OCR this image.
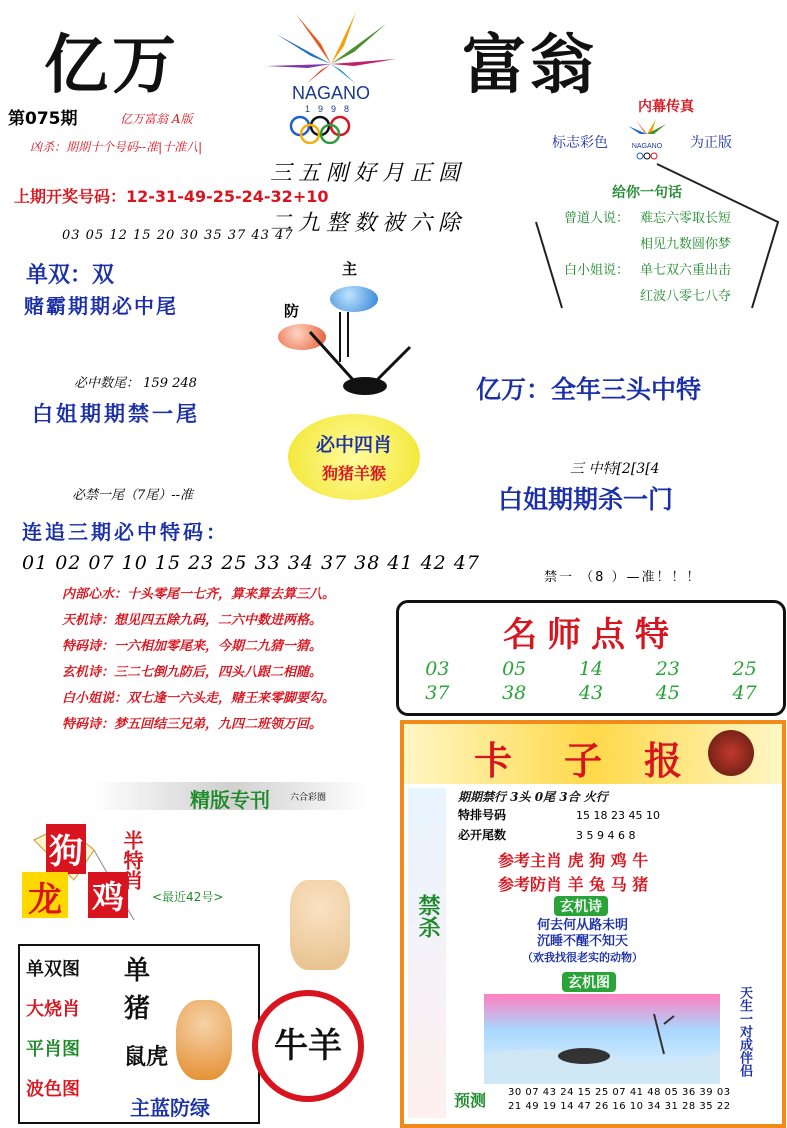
亿万	富翁
NAGANO
1998
第075期	亿万富翁 A版
凶杀：期期十个号码--准|十准八|
上期开奖号码：12-31-49-25-24-32+10
三五刚好月正圆
二九整数被六除
03 05 12 15 20 30 35 37 43 47
单双：双
赌霸期期必中尾
主
防
必中数尾： 159 248
白姐期期禁一尾
内幕传真
标志彩色	NAGANO 为正版
给你一句话
曾道人说： 难忘六零取长短
相见九数圆你梦
白小姐说： 单七双六重出击
红波八零七八夺
亿万：全年三头中特
必中四肖
狗猪羊猴	三 中特[2[3[4
白姐期期杀一门
必禁一尾（7尾）--准
连追三期必中特码：
01 02 07 10 15 23 25 33 34 37 38 41 42 47
禁一 （8 ）—准！！！
内部心水：十头零尾一七齐，算来算去算三八。
天机诗：想见四五除九码，二六中数进两格。
特码诗：一六相加零尾来，今期二九猜一猜。
玄机诗：三二七倒九防后，四头八跟二相随。
白小姐说：双七逢一六头走，赌王来零脚要勾。
特码诗：梦五回结三兄弟，九四二班领万回。
名师点特
03	05	14	23	25
37	38	43	45	47
精版专刊 六合彩圈
狗
龙 鸡
半特肖
<最近42号>
单双图
大烧肖
平肖图
波色图
单
猪
鼠虎
主蓝防绿
牛羊
卡 子 报
禁杀
期期禁行 3头 0尾 3合 火行
特排号码	15 18 23 45 10
必开尾数	3 5 9 4 6 8
参考主肖 虎 狗 鸡 牛
参考防肖 羊 兔 马 猪
玄机诗
何去何从路未明
沉睡不醒不知天
（欢我找很老实的动物）
玄机图
天生一对成伴侣
预测 30 07 43 24 15 25 07 41 48 05 36 39 03
21 49 19 14 47 26 16 10 34 31 28 35 22
